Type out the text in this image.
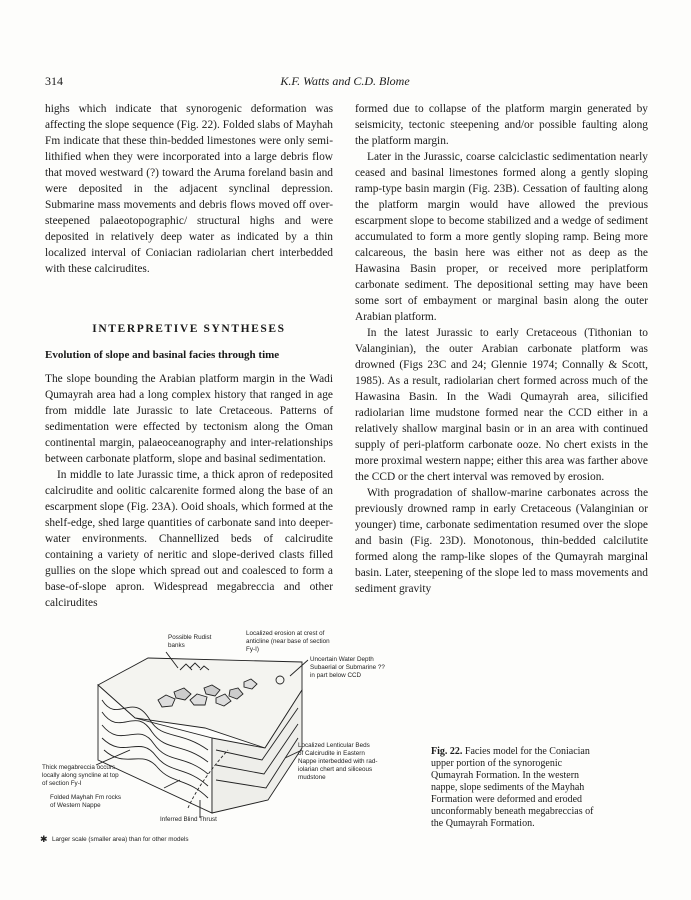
314	K.F. Watts and C.D. Blome

highs which indicate that synorogenic deformation was affecting the slope sequence (Fig. 22). Folded slabs of Mayhah Fm indicate that these thin-bedded limestones were only semi-lithified when they were incorporated into a large debris flow that moved westward (?) toward the Aruma foreland basin and were deposited in the adjacent synclinal depression. Submarine mass movements and debris flows moved off over-steepened palaeotopographic/ structural highs and were deposited in relatively deep water as indicated by a thin localized interval of Coniacian radiolarian chert interbedded with these calcirudites.

INTERPRETIVE SYNTHESES
Evolution of slope and basinal facies through time

The slope bounding the Arabian platform margin in the Wadi Qumayrah area had a long complex history that ranged in age from middle late Jurassic to late Cretaceous. Patterns of sedimentation were effected by tectonism along the Oman continental margin, palaeoceanography and inter-relationships between carbonate platform, slope and basinal sedimentation.

In middle to late Jurassic time, a thick apron of redeposited calcirudite and oolitic calcarenite formed along the base of an escarpment slope (Fig. 23A). Ooid shoals, which formed at the shelf-edge, shed large quantities of carbonate sand into deeper-water environments. Channellized beds of calcirudite containing a variety of neritic and slope-derived clasts filled gullies on the slope which spread out and coalesced to form a base-of-slope apron. Widespread megabreccia and other calcirudites

formed due to collapse of the platform margin generated by seismicity, tectonic steepening and/or possible faulting along the platform margin.

Later in the Jurassic, coarse calciclastic sedimentation nearly ceased and basinal limestones formed along a gently sloping ramp-type basin margin (Fig. 23B). Cessation of faulting along the platform margin would have allowed the previous escarpment slope to become stabilized and a wedge of sediment accumulated to form a more gently sloping ramp. Being more calcareous, the basin here was either not as deep as the Hawasina Basin proper, or received more periplatform carbonate sediment. The depositional setting may have been some sort of embayment or marginal basin along the outer Arabian platform.

In the latest Jurassic to early Cretaceous (Tithonian to Valanginian), the outer Arabian carbonate platform was drowned (Figs 23C and 24; Glennie 1974; Connally & Scott, 1985). As a result, radiolarian chert formed across much of the Hawasina Basin. In the Wadi Qumayrah area, silicified radiolarian lime mudstone formed near the CCD either in a relatively shallow marginal basin or in an area with continued supply of peri-platform carbonate ooze. No chert exists in the more proximal western nappe; either this area was farther above the CCD or the chert interval was removed by erosion.

With progradation of shallow-marine carbonates across the previously drowned ramp in early Cretaceous (Valanginian or younger) time, carbonate sedimentation resumed over the slope and basin (Fig. 23D). Monotonous, thin-bedded calcilutite formed along the ramp-like slopes of the Qumayrah marginal basin. Later, steepening of the slope led to mass movements and sediment gravity

Possible Rudist
banks
Localized erosion at crest of
anticline (near base of section
Fy-I)
Uncertain Water Depth
Subaerial or Submarine ??
in part below CCD
Localized Lenticular Beds
of Calcirudite in Eastern
Nappe interbedded with rad-
iolarian chert and siliceous
mudstone
Thick megabreccia occurs
locally along syncline at top
of section Fy-I
Folded Mayhah Fm rocks
of Western Nappe
Inferred Blind Thrust
✱ Larger scale (smaller area) than for other models
Fig. 22. Facies model for the Coniacian upper portion of the synorogenic Qumayrah Formation. In the western nappe, slope sediments of the Mayhah Formation were deformed and eroded unconformably beneath megabreccias of the Qumayrah Formation.
